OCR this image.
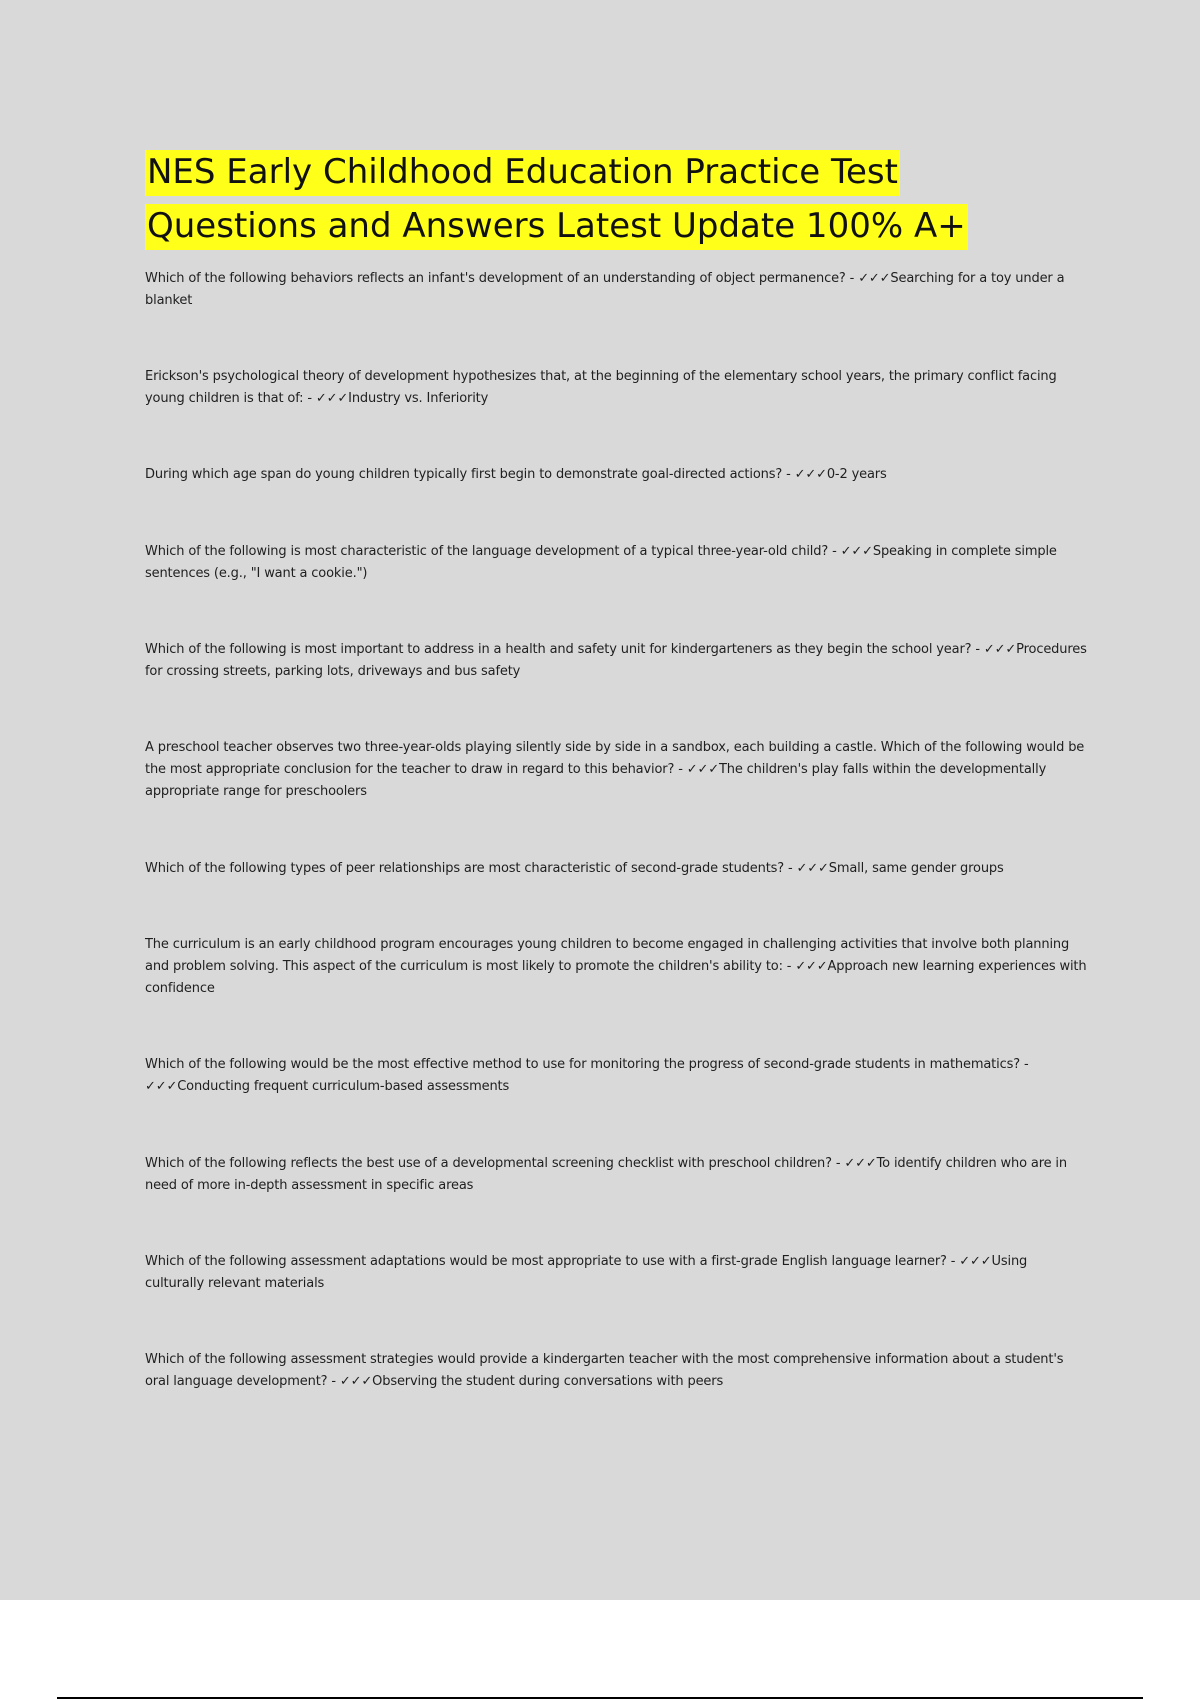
NES Early Childhood Education Practice Test Questions and Answers Latest Update 100% A+

Which of the following behaviors reflects an infant's development of an understanding of object permanence? - ✓✓✓Searching for a toy under a blanket

Erickson's psychological theory of development hypothesizes that, at the beginning of the elementary school years, the primary conflict facing young children is that of: - ✓✓✓Industry vs. Inferiority

During which age span do young children typically first begin to demonstrate goal-directed actions? - ✓✓✓0-2 years

Which of the following is most characteristic of the language development of a typical three-year-old child? - ✓✓✓Speaking in complete simple sentences (e.g., "I want a cookie.")

Which of the following is most important to address in a health and safety unit for kindergarteners as they begin the school year? - ✓✓✓Procedures for crossing streets, parking lots, driveways and bus safety

A preschool teacher observes two three-year-olds playing silently side by side in a sandbox, each building a castle. Which of the following would be the most appropriate conclusion for the teacher to draw in regard to this behavior? - ✓✓✓The children's play falls within the developmentally appropriate range for preschoolers

Which of the following types of peer relationships are most characteristic of second-grade students? - ✓✓✓Small, same gender groups

The curriculum is an early childhood program encourages young children to become engaged in challenging activities that involve both planning and problem solving. This aspect of the curriculum is most likely to promote the children's ability to: - ✓✓✓Approach new learning experiences with confidence

Which of the following would be the most effective method to use for monitoring the progress of second-grade students in mathematics? - ✓✓✓Conducting frequent curriculum-based assessments

Which of the following reflects the best use of a developmental screening checklist with preschool children? - ✓✓✓To identify children who are in need of more in-depth assessment in specific areas

Which of the following assessment adaptations would be most appropriate to use with a first-grade English language learner? - ✓✓✓Using culturally relevant materials

Which of the following assessment strategies would provide a kindergarten teacher with the most comprehensive information about a student's oral language development? - ✓✓✓Observing the student during conversations with peers
